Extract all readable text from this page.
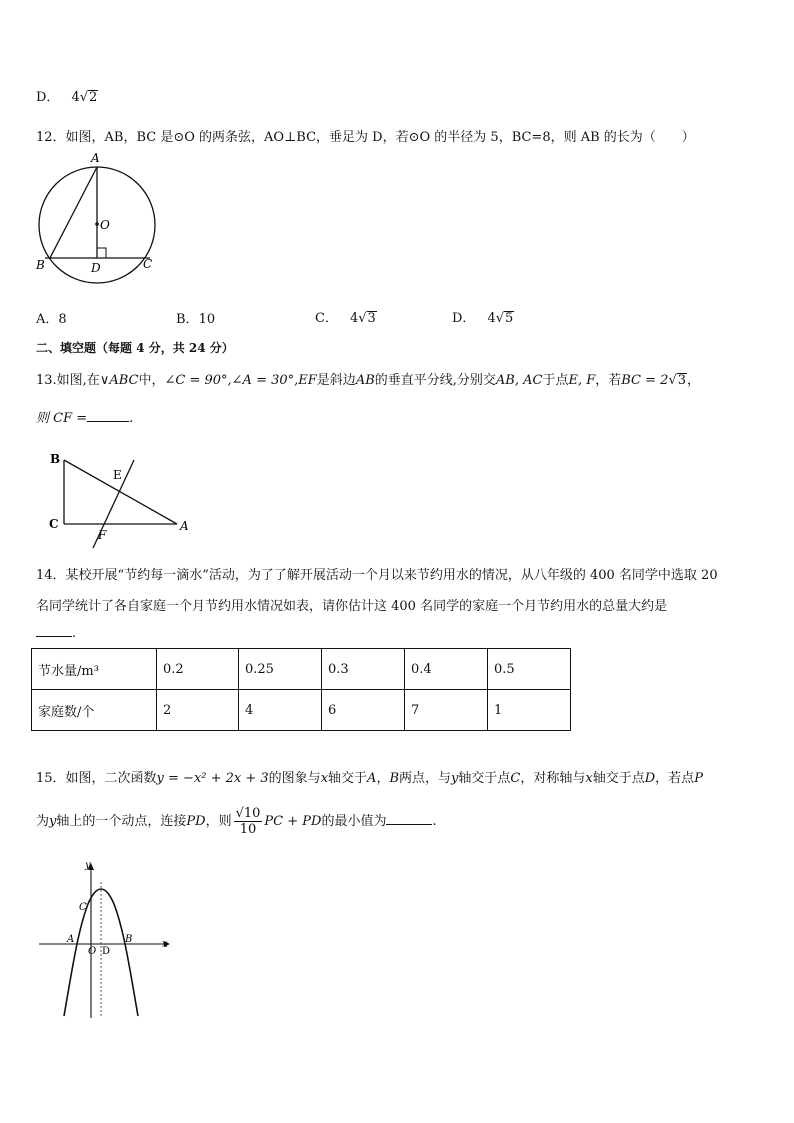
D． 4√2
12．如图，AB，BC 是⊙O 的两条弦，AO⊥BC，垂足为 D，若⊙O 的半径为 5，BC=8，则 AB 的长为（　　）
A
O
B	D	C
A．8	B．10	C． 4√3	D． 4√5
二、填空题（每题 4 分，共 24 分）
13.如图,在∨ABC中，∠C = 90°,∠A = 30°,EF是斜边AB的垂直平分线,分别交AB, AC于点E, F，若BC = 2√3，
则 CF =	.
B
E
C
F
A
14．某校开展“节约每一滴水”活动，为了了解开展活动一个月以来节约用水的情况，从八年级的 400 名同学中选取 20
名同学统计了各自家庭一个月节约用水情况如表，请你估计这 400 名同学的家庭一个月节约用水的总量大约是
.
节水量/m³	0.2	0.25	0.3	0.4	0.5
家庭数/个	2	4	6	7	1
15．如图，二次函数y = −x² + 2x + 3的图象与x轴交于A，B两点，与y轴交于点C，对称轴与x轴交于点D，若点P
为y轴上的一个动点，连接PD，则 $\frac{√10}{10}$ PC + PD的最小值为	.
y
C
A
O D
B	x
